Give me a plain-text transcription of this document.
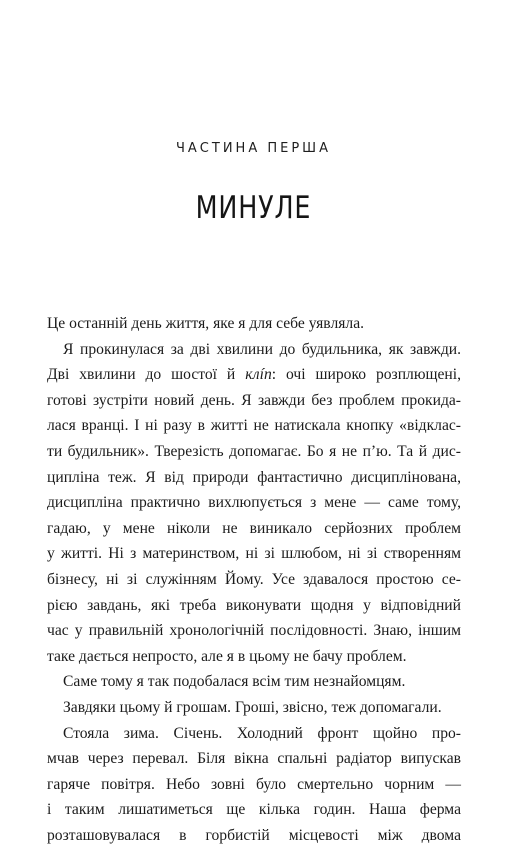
ЧАСТИНА ПЕРША
МИНУЛЕ
Це останній день життя, яке я для себе уявляла.
Я прокинулася за дві хвилини до будильника, як завжди.
Дві хвилини до шостої й клíп: очі широко розплющені,
готові зустріти новий день. Я завжди без проблем прокида-
лася вранці. І ні разу в житті не натискала кнопку «відклас-
ти будильник». Тверезість допомагає. Бо я не п’ю. Та й дис-
ципліна теж. Я від природи фантастично дисциплінована,
дисципліна практично вихлюпується з мене — саме тому,
гадаю, у мене ніколи не виникало серйозних проблем
у житті. Ні з материнством, ні зі шлюбом, ні зі створенням
бізнесу, ні зі служінням Йому. Усе здавалося простою се-
рією завдань, які треба виконувати щодня у відповідний
час у правильній хронологічній послідовності. Знаю, іншим
таке дається непросто, але я в цьому не бачу проблем.
Саме тому я так подобалася всім тим незнайомцям.
Завдяки цьому й грошам. Гроші, звісно, теж допомагали.
Стояла зима. Січень. Холодний фронт щойно про-
мчав через перевал. Біля вікна спальні радіатор випускав
гаряче повітря. Небо зовні було смертельно чорним —
і таким лишатиметься ще кілька годин. Наша ферма
розташовувалася в горбистій місцевості між двома
